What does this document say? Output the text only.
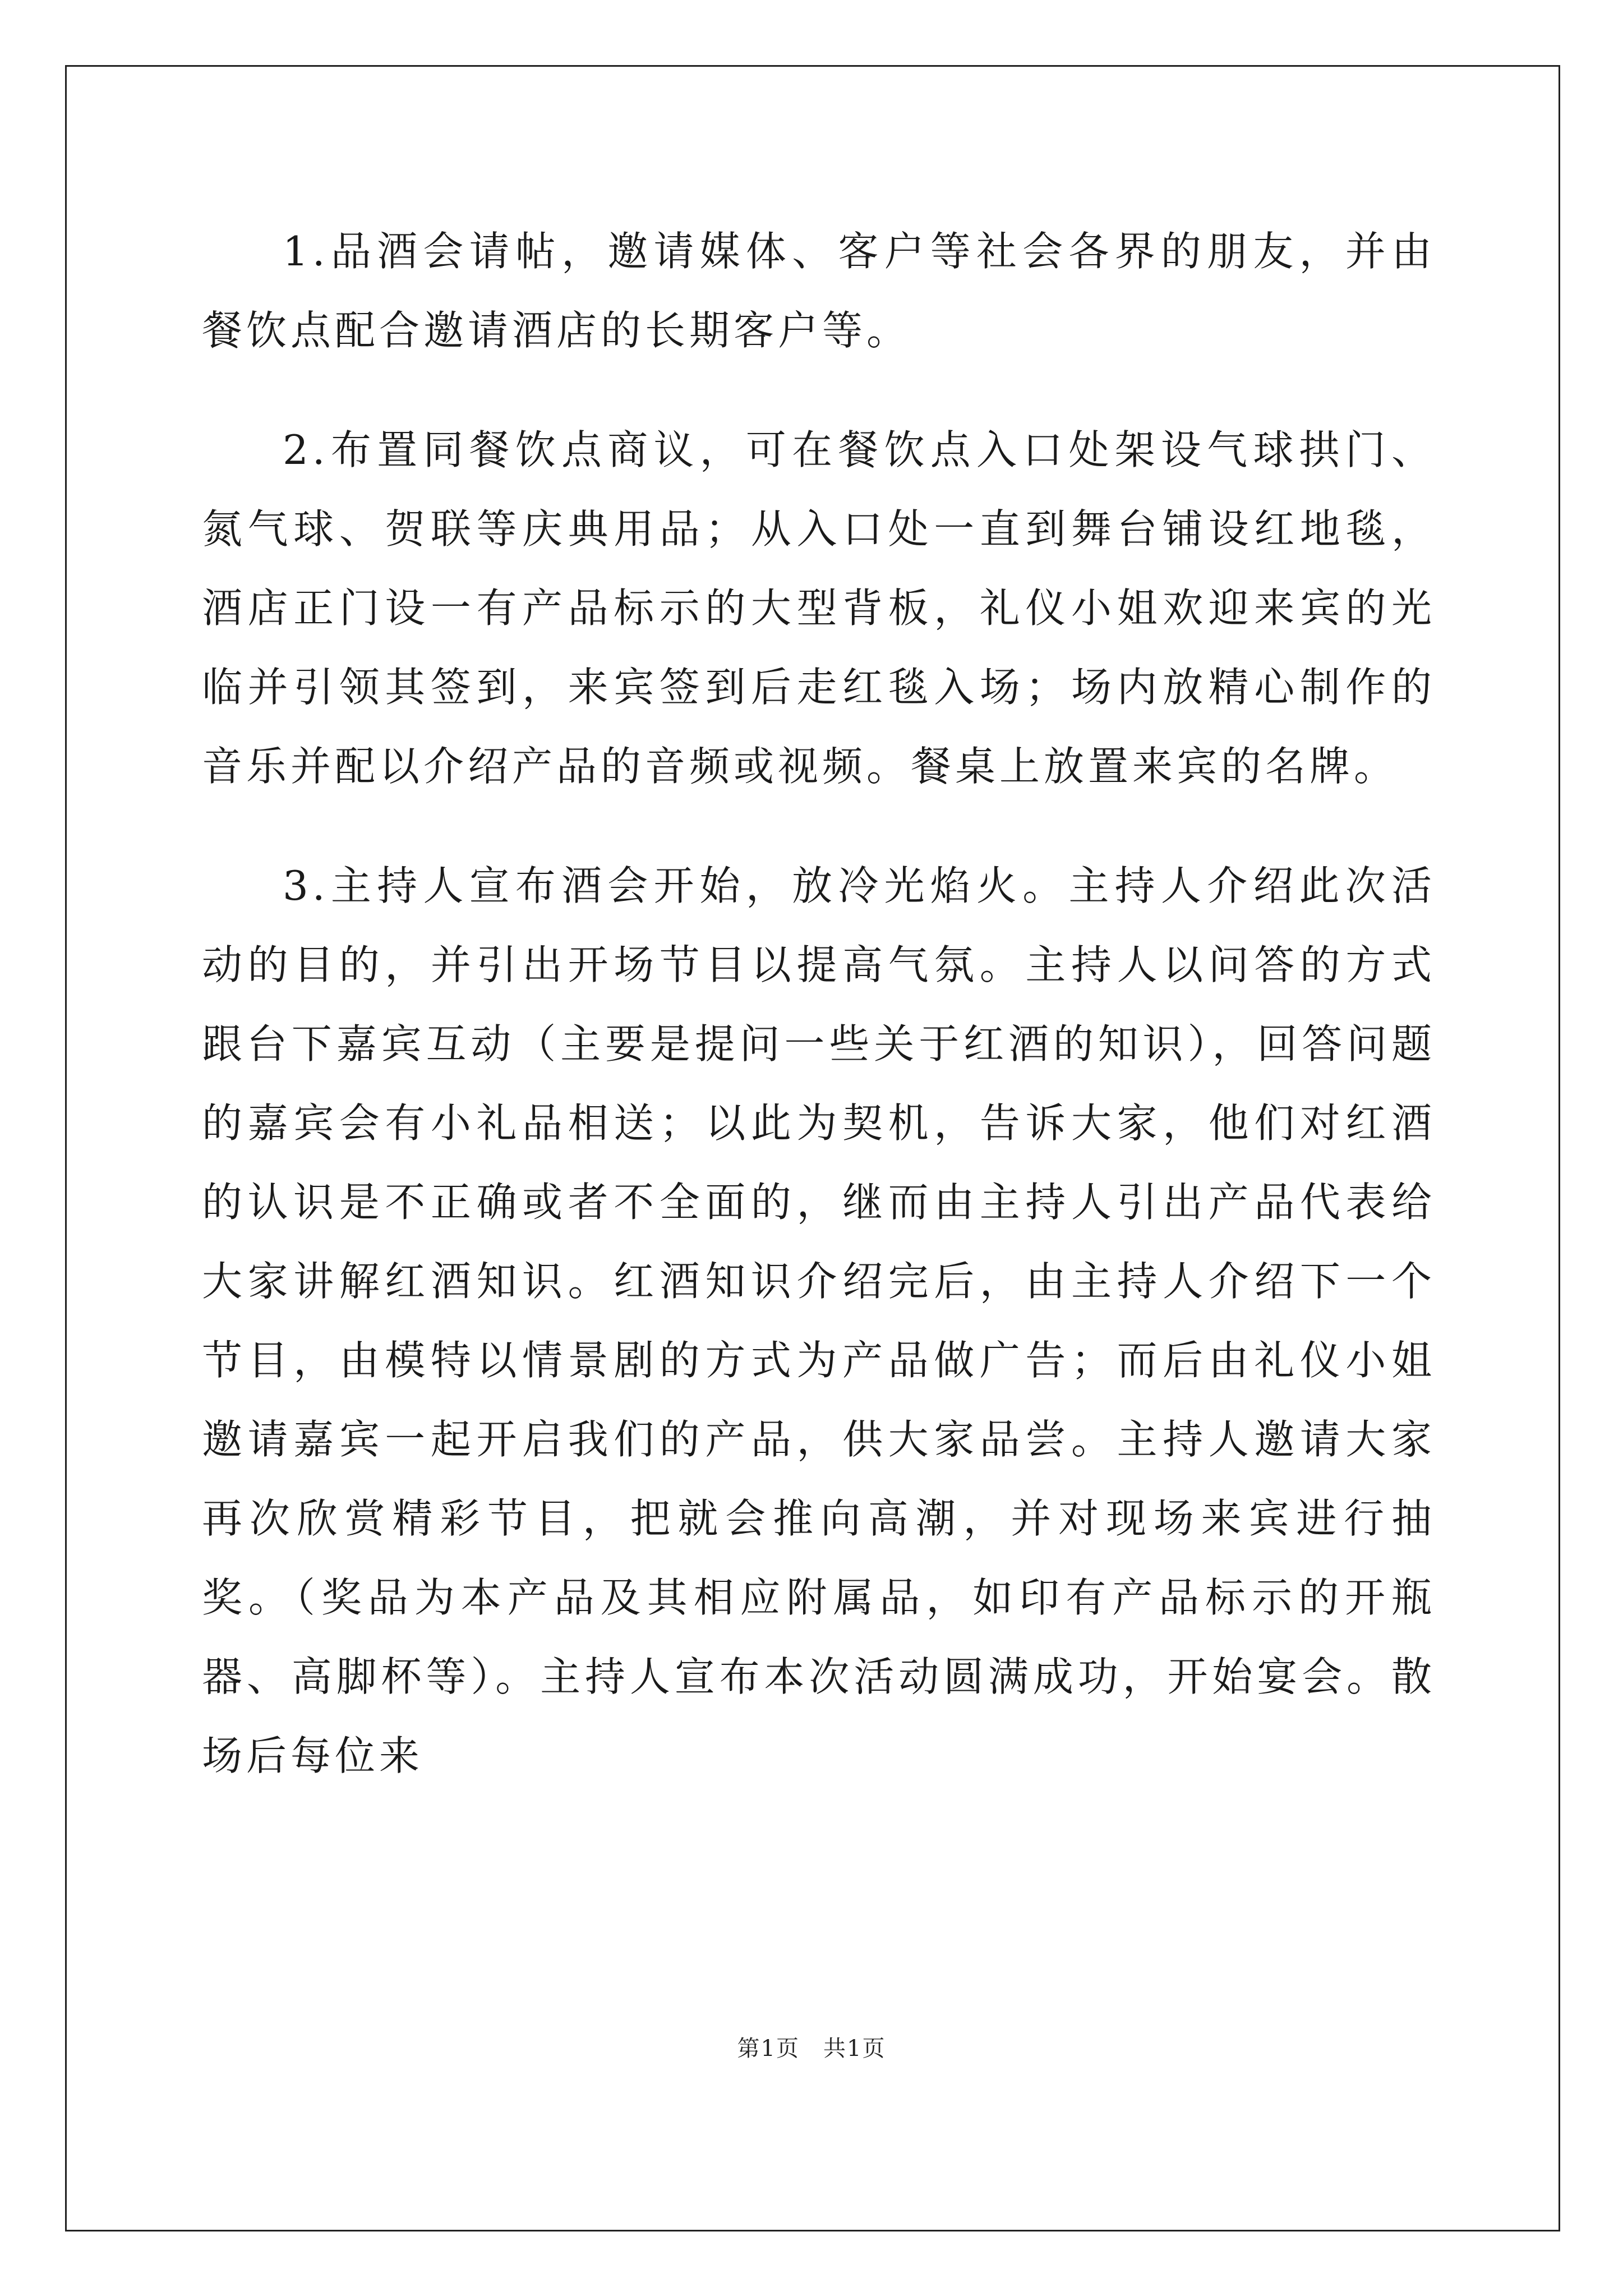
1.品酒会请帖，邀请媒体、客户等社会各界的朋友，并由餐饮点配合邀请酒店的长期客户等。

2.布置同餐饮点商议，可在餐饮点入口处架设气球拱门、氮气球、贺联等庆典用品；从入口处一直到舞台铺设红地毯，酒店正门设一有产品标示的大型背板，礼仪小姐欢迎来宾的光临并引领其签到，来宾签到后走红毯入场；场内放精心制作的音乐并配以介绍产品的音频或视频。餐桌上放置来宾的名牌。

3.主持人宣布酒会开始，放冷光焰火。主持人介绍此次活动的目的，并引出开场节目以提高气氛。主持人以问答的方式跟台下嘉宾互动（主要是提问一些关于红酒的知识），回答问题的嘉宾会有小礼品相送；以此为契机，告诉大家，他们对红酒的认识是不正确或者不全面的，继而由主持人引出产品代表给大家讲解红酒知识。红酒知识介绍完后，由主持人介绍下一个节目，由模特以情景剧的方式为产品做广告；而后由礼仪小姐邀请嘉宾一起开启我们的产品，供大家品尝。主持人邀请大家再次欣赏精彩节目，把就会推向高潮，并对现场来宾进行抽奖。（奖品为本产品及其相应附属品，如印有产品标示的开瓶器、高脚杯等）。主持人宣布本次活动圆满成功，开始宴会。散场后每位来

第1页　共1页
